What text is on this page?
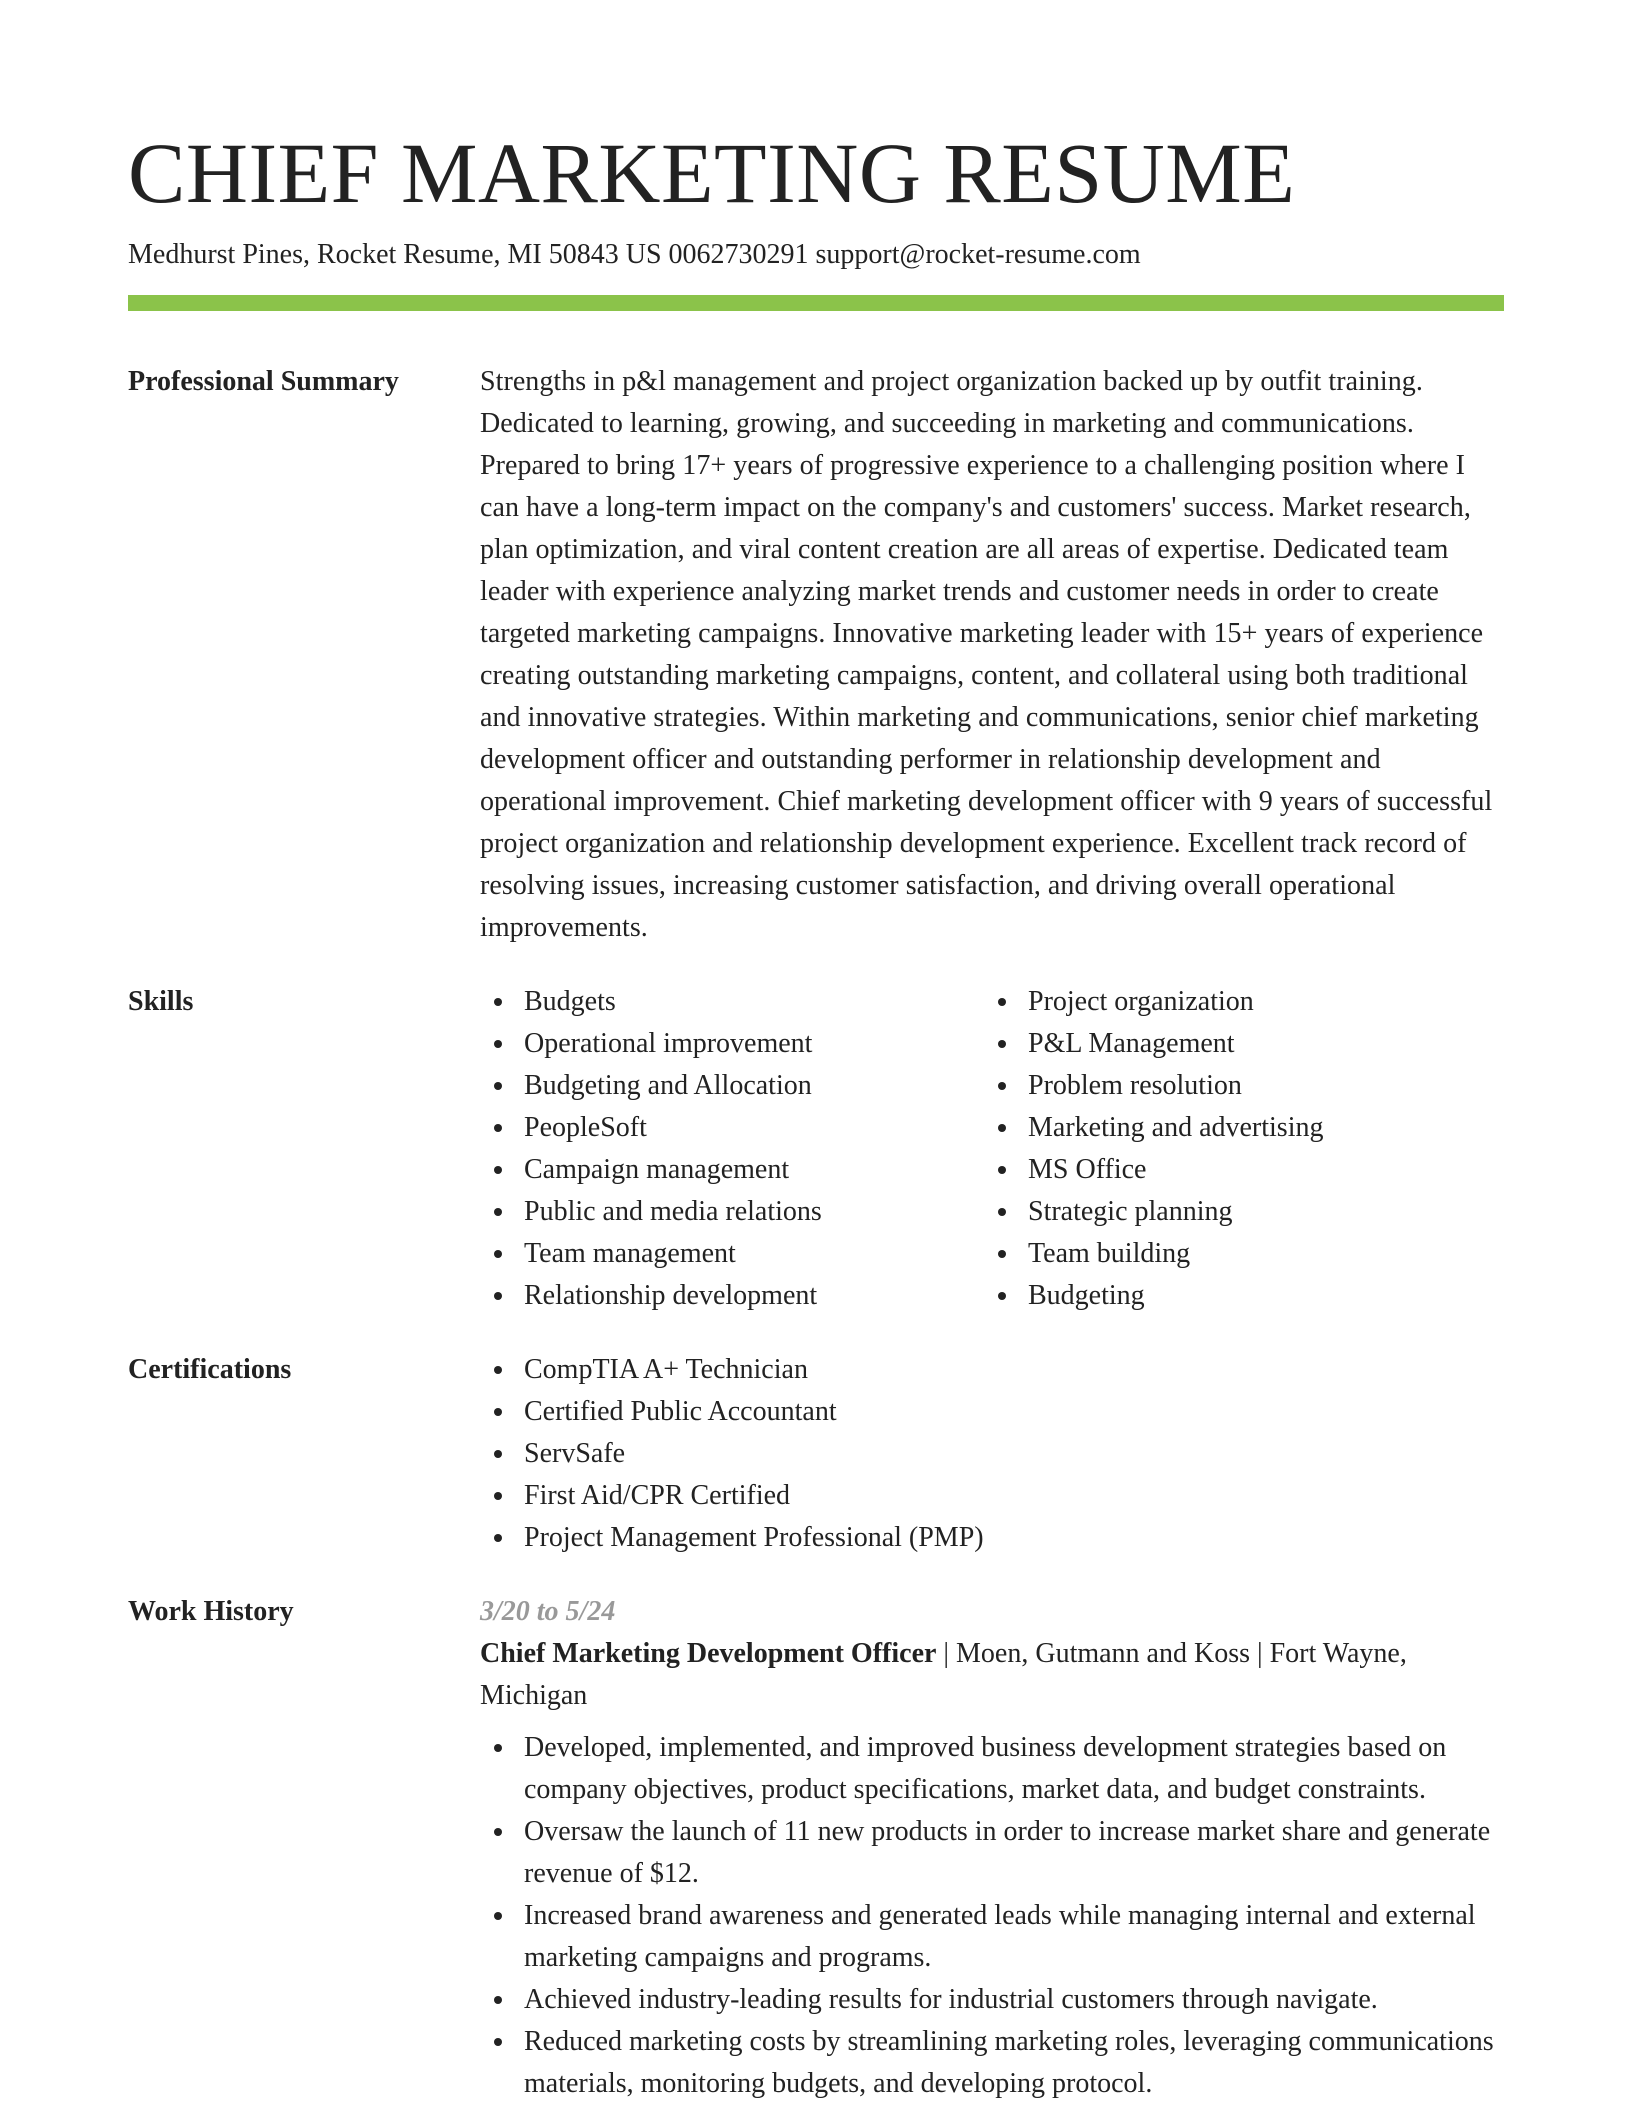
CHIEF MARKETING RESUME
Medhurst Pines, Rocket Resume, MI 50843 US 0062730291 support@rocket-resume.com
Professional Summary	Strengths in p&l management and project organization backed up by outfit training. Dedicated to learning, growing, and succeeding in marketing and communications. Prepared to bring 17+ years of progressive experience to a challenging position where I can have a long-term impact on the company's and customers' success. Market research, plan optimization, and viral content creation are all areas of expertise. Dedicated team leader with experience analyzing market trends and customer needs in order to create targeted marketing campaigns. Innovative marketing leader with 15+ years of experience creating outstanding marketing campaigns, content, and collateral using both traditional and innovative strategies. Within marketing and communications, senior chief marketing development officer and outstanding performer in relationship development and operational improvement. Chief marketing development officer with 9 years of successful project organization and relationship development experience. Excellent track record of resolving issues, increasing customer satisfaction, and driving overall operational improvements.
Skills	Budgets
Operational improvement
Budgeting and Allocation
PeopleSoft
Campaign management
Public and media relations
Team management
Relationship development
Project organization
P&L Management
Problem resolution
Marketing and advertising
MS Office
Strategic planning
Team building
Budgeting
Certifications	CompTIA A+ Technician
Certified Public Accountant
ServSafe
First Aid/CPR Certified
Project Management Professional (PMP)
Work History	3/20 to 5/24
Chief Marketing Development Officer | Moen, Gutmann and Koss | Fort Wayne, Michigan
Developed, implemented, and improved business development strategies based on company objectives, product specifications, market data, and budget constraints.
Oversaw the launch of 11 new products in order to increase market share and generate revenue of $12.
Increased brand awareness and generated leads while managing internal and external marketing campaigns and programs.
Achieved industry-leading results for industrial customers through navigate.
Reduced marketing costs by streamlining marketing roles, leveraging communications materials, monitoring budgets, and developing protocol.
